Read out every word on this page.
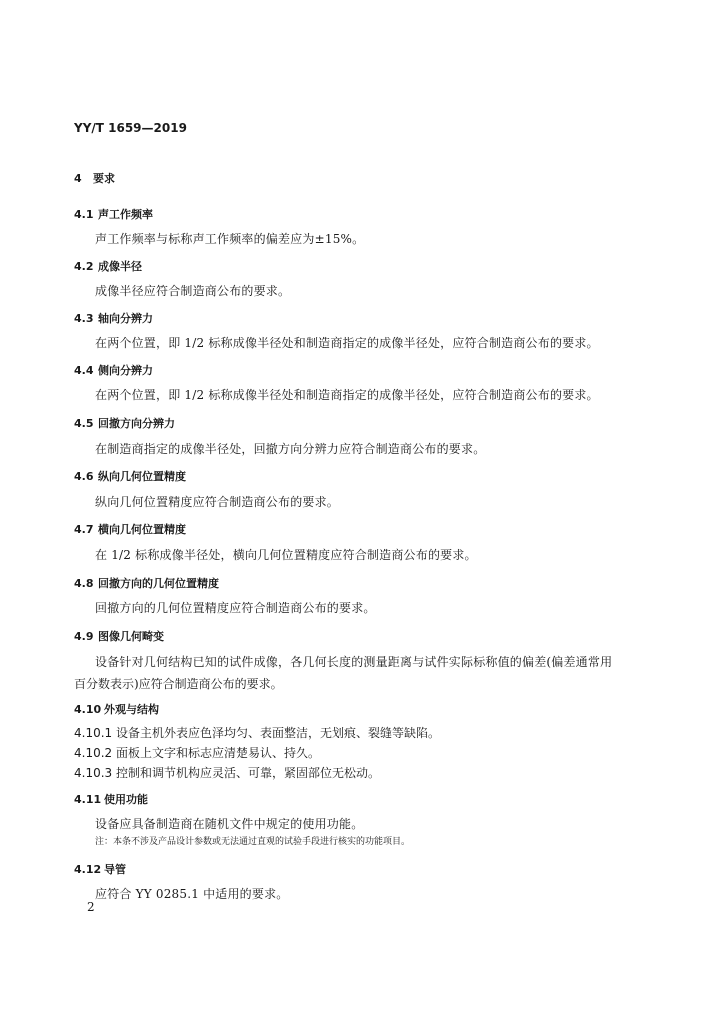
YY/T 1659—2019
4 要求
4.1 声工作频率
声工作频率与标称声工作频率的偏差应为±15%。
4.2 成像半径
成像半径应符合制造商公布的要求。
4.3 轴向分辨力
在两个位置，即 1/2 标称成像半径处和制造商指定的成像半径处，应符合制造商公布的要求。
4.4 侧向分辨力
在两个位置，即 1/2 标称成像半径处和制造商指定的成像半径处，应符合制造商公布的要求。
4.5 回撤方向分辨力
在制造商指定的成像半径处，回撤方向分辨力应符合制造商公布的要求。
4.6 纵向几何位置精度
纵向几何位置精度应符合制造商公布的要求。
4.7 横向几何位置精度
在 1/2 标称成像半径处，横向几何位置精度应符合制造商公布的要求。
4.8 回撤方向的几何位置精度
回撤方向的几何位置精度应符合制造商公布的要求。
4.9 图像几何畸变
设备针对几何结构已知的试件成像，各几何长度的测量距离与试件实际标称值的偏差(偏差通常用
百分数表示)应符合制造商公布的要求。
4.10 外观与结构
4.10.1 设备主机外表应色泽均匀、表面整洁，无划痕、裂缝等缺陷。
4.10.2 面板上文字和标志应清楚易认、持久。
4.10.3 控制和调节机构应灵活、可靠，紧固部位无松动。
4.11 使用功能
设备应具备制造商在随机文件中规定的使用功能。
注：本条不涉及产品设计参数或无法通过直观的试验手段进行核实的功能项目。
4.12 导管
应符合 YY 0285.1 中适用的要求。
2
